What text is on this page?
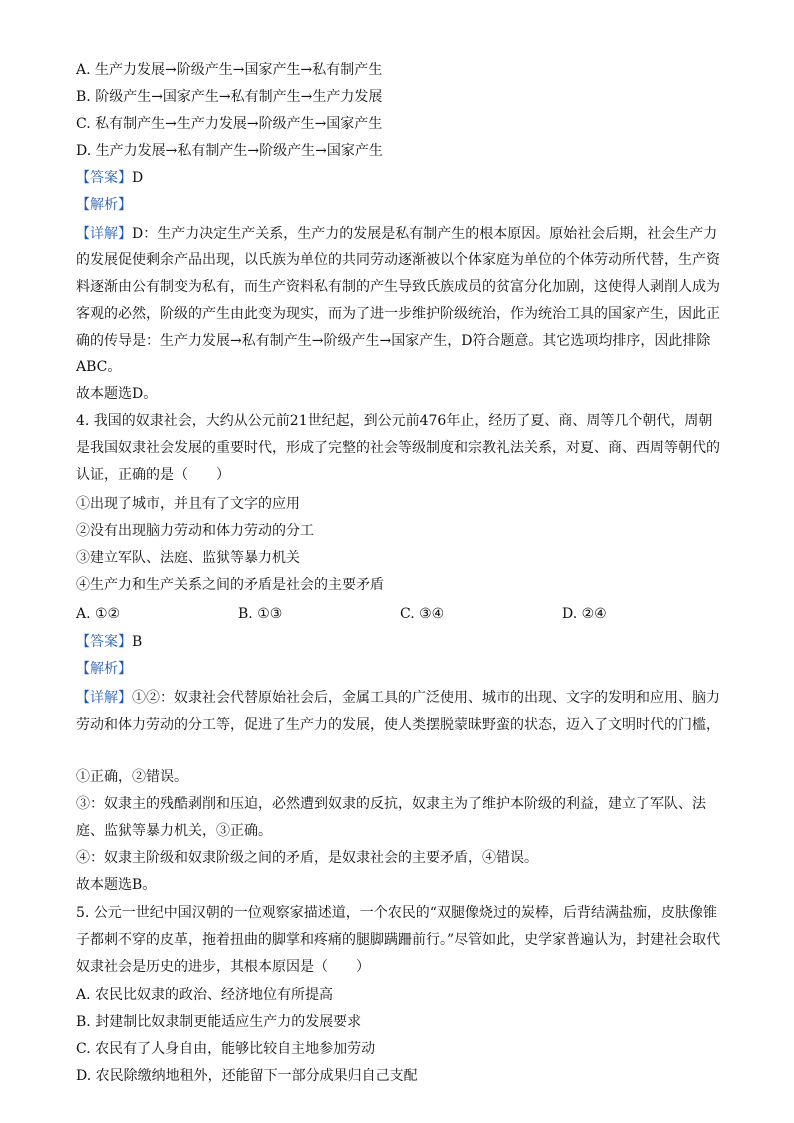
A. 生产力发展→阶级产生→国家产生→私有制产生
B. 阶级产生→国家产生→私有制产生→生产力发展
C. 私有制产生→生产力发展→阶级产生→国家产生
D. 生产力发展→私有制产生→阶级产生→国家产生
【答案】D
【解析】
【详解】D：生产力决定生产关系，生产力的发展是私有制产生的根本原因。原始社会后期，社会生产力
的发展促使剩余产品出现，以氏族为单位的共同劳动逐渐被以个体家庭为单位的个体劳动所代替，生产资
料逐渐由公有制变为私有，而生产资料私有制的产生导致氏族成员的贫富分化加剧，这使得人剥削人成为
客观的必然，阶级的产生由此变为现实，而为了进一步维护阶级统治，作为统治工具的国家产生，因此正
确的传导是：生产力发展→私有制产生→阶级产生→国家产生，D符合题意。其它选项均排序，因此排除
ABC。
故本题选D。
4. 我国的奴隶社会，大约从公元前21世纪起，到公元前476年止，经历了夏、商、周等几个朝代，周朝
是我国奴隶社会发展的重要时代，形成了完整的社会等级制度和宗教礼法关系，对夏、商、西周等朝代的
认证，正确的是（　　）
①出现了城市，并且有了文字的应用
②没有出现脑力劳动和体力劳动的分工
③建立军队、法庭、监狱等暴力机关
④生产力和生产关系之间的矛盾是社会的主要矛盾
A. ①②	B. ①③	C. ③④	D. ②④
【答案】B
【解析】
【详解】①②：奴隶社会代替原始社会后，金属工具的广泛使用、城市的出现、文字的发明和应用、脑力
劳动和体力劳动的分工等，促进了生产力的发展，使人类摆脱蒙昧野蛮的状态，迈入了文明时代的门槛，
①正确，②错误。
③：奴隶主的残酷剥削和压迫，必然遭到奴隶的反抗，奴隶主为了维护本阶级的利益，建立了军队、法
庭、监狱等暴力机关，③正确。
④：奴隶主阶级和奴隶阶级之间的矛盾，是奴隶社会的主要矛盾，④错误。
故本题选B。
5. 公元一世纪中国汉朝的一位观察家描述道，一个农民的“双腿像烧过的炭棒，后背结满盐痂，皮肤像锥
子都刺不穿的皮革，拖着扭曲的脚掌和疼痛的腿脚蹒跚前行。”尽管如此，史学家普遍认为，封建社会取代
奴隶社会是历史的进步，其根本原因是（　　）
A. 农民比奴隶的政治、经济地位有所提高
B. 封建制比奴隶制更能适应生产力的发展要求
C. 农民有了人身自由，能够比较自主地参加劳动
D. 农民除缴纳地租外，还能留下一部分成果归自己支配
